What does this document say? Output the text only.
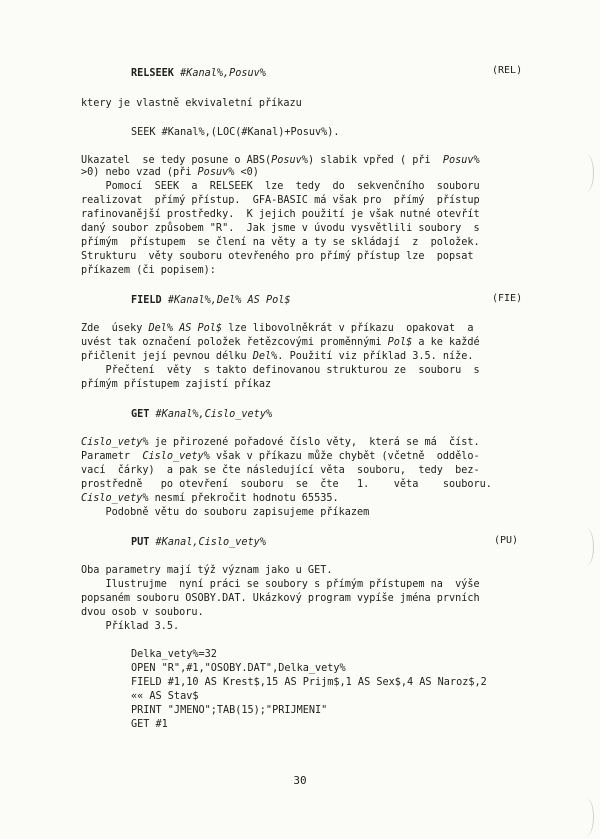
RELSEEK #Kanal%,Posuv%	(REL)
ktery je vlastně ekvivaletní příkazu
SEEK #Kanal%,(LOC(#Kanal)+Posuv%).
Ukazatel  se tedy posune o ABS(Posuv%) slabik vpřed ( při  Posuv%
>0) nebo vzad (při Posuv% <0)
Pomocí  SEEK  a  RELSEEK  lze  tedy  do  sekvenčního  souboru
realizovat  přímý přístup.  GFA-BASIC má však pro  přímý  přístup
rafinovanější prostředky.  K jejich použití je však nutné otevřít
daný soubor způsobem "R".  Jak jsme v úvodu vysvětlili soubory  s
přímým  přístupem  se člení na věty a ty se skládají  z  položek.
Strukturu  věty souboru otevřeného pro přímý přístup lze  popsat
příkazem (či popisem):
FIELD #Kanal%,Del% AS Pol$	(FIE)
Zde  úseky Del% AS Pol$ lze libovolněkrát v příkazu  opakovat  a
uvést tak označení položek řetězcovými proměnnými Pol$ a ke každé
přičlenit její pevnou délku Del%. Použití viz příklad 3.5. níže.
Přečtení  věty  s takto definovanou strukturou ze  souboru  s
přímým přístupem zajistí příkaz
GET #Kanal%,Cislo_vety%
Cislo_vety% je přirozené pořadové číslo věty,  která se má  číst.
Parametr  Cislo_vety% však v příkazu může chybět (včetně  oddělo-
vací  čárky)  a pak se čte následující věta  souboru,  tedy  bez-
prostředně   po otevření  souboru  se  čte   1.    věta    souboru.
Cislo_vety% nesmí překročit hodnotu 65535.
Podobně větu do souboru zapisujeme příkazem
PUT #Kanal,Cislo_vety%	(PU)
Oba parametry mají týž význam jako u GET.
Ilustrujme  nyní práci se soubory s přímým přístupem na  výše
popsaném souboru OSOBY.DAT. Ukázkový program vypíše jména prvních
dvou osob v souboru.
Příklad 3.5.
Delka_vety%=32
OPEN "R",#1,"OSOBY.DAT",Delka_vety%
FIELD #1,10 AS Krest$,15 AS Prijm$,1 AS Sex$,4 AS Naroz$,2
«« AS Stav$
PRINT "JMENO";TAB(15);"PRIJMENI"
GET #1
30
